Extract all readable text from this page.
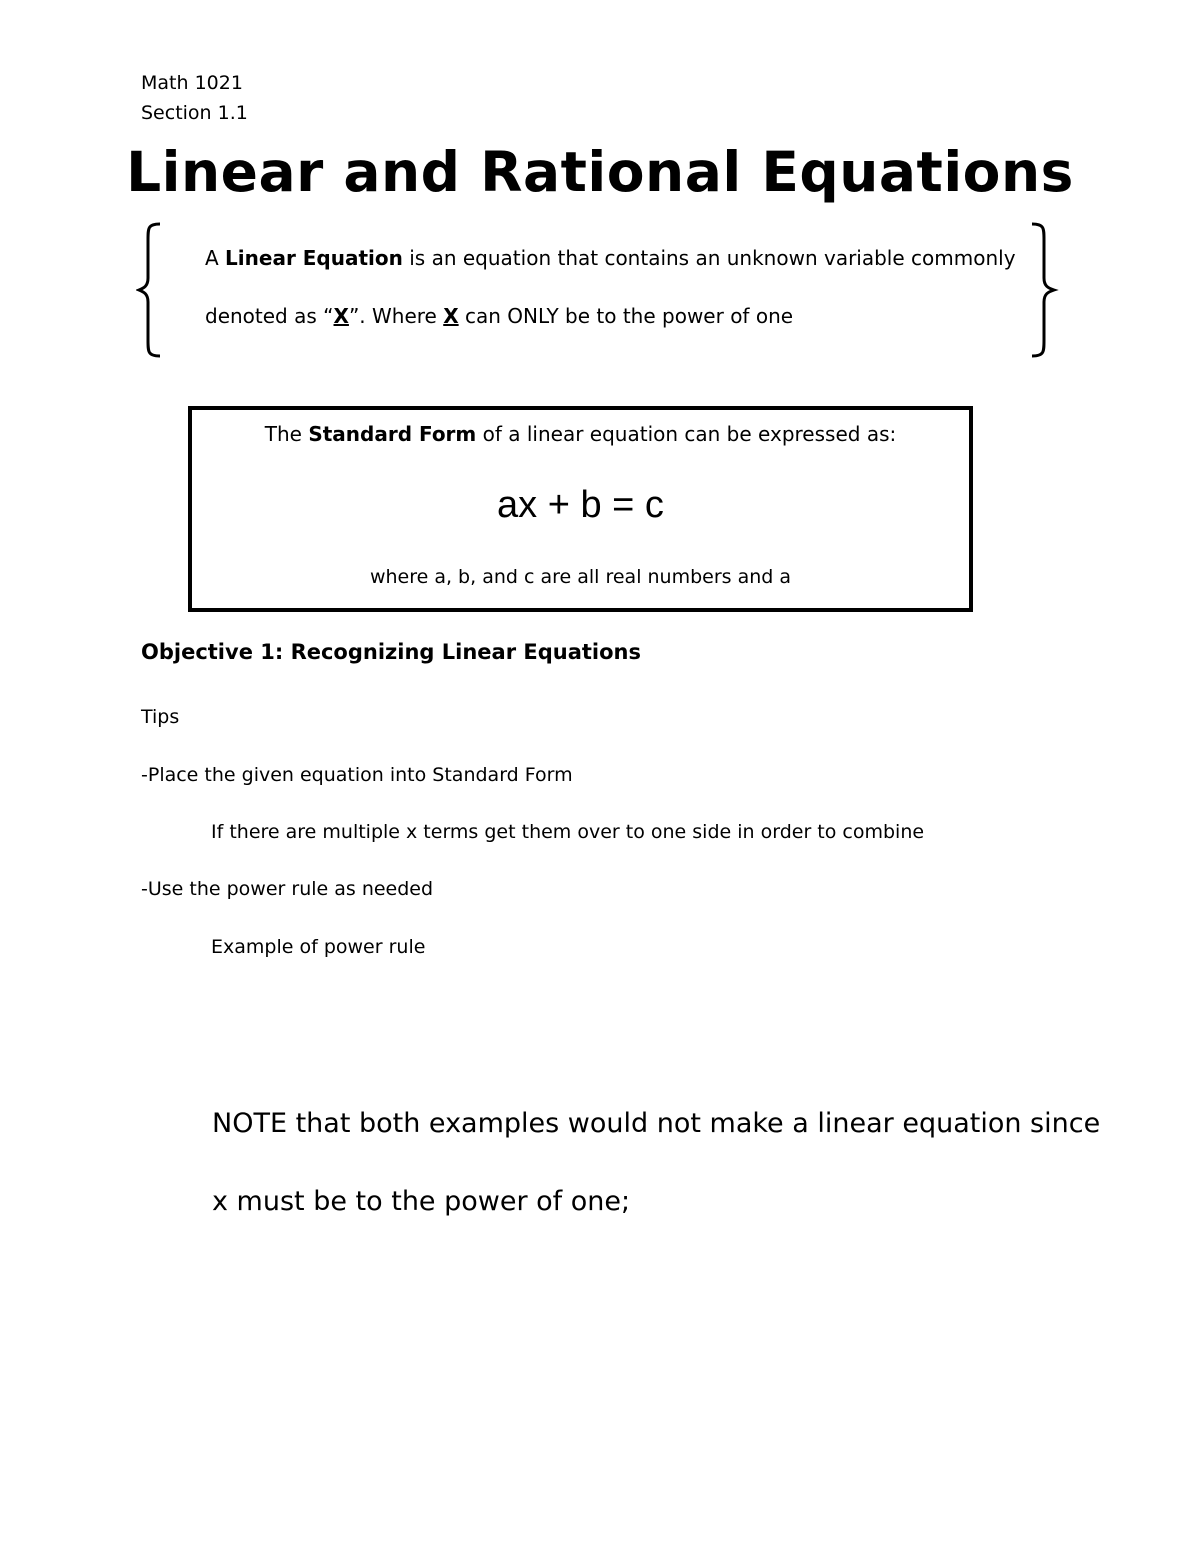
Math 1021
Section 1.1
Linear and Rational Equations
A Linear Equation is an equation that contains an unknown variable commonly
denoted as “X”. Where X can ONLY be to the power of one
The Standard Form of a linear equation can be expressed as:
ax + b = c
where a, b, and c are all real numbers and a
Objective 1: Recognizing Linear Equations
Tips
-Place the given equation into Standard Form
If there are multiple x terms get them over to one side in order to combine
-Use the power rule as needed
Example of power rule
NOTE that both examples would not make a linear equation since
x must be to the power of one;
